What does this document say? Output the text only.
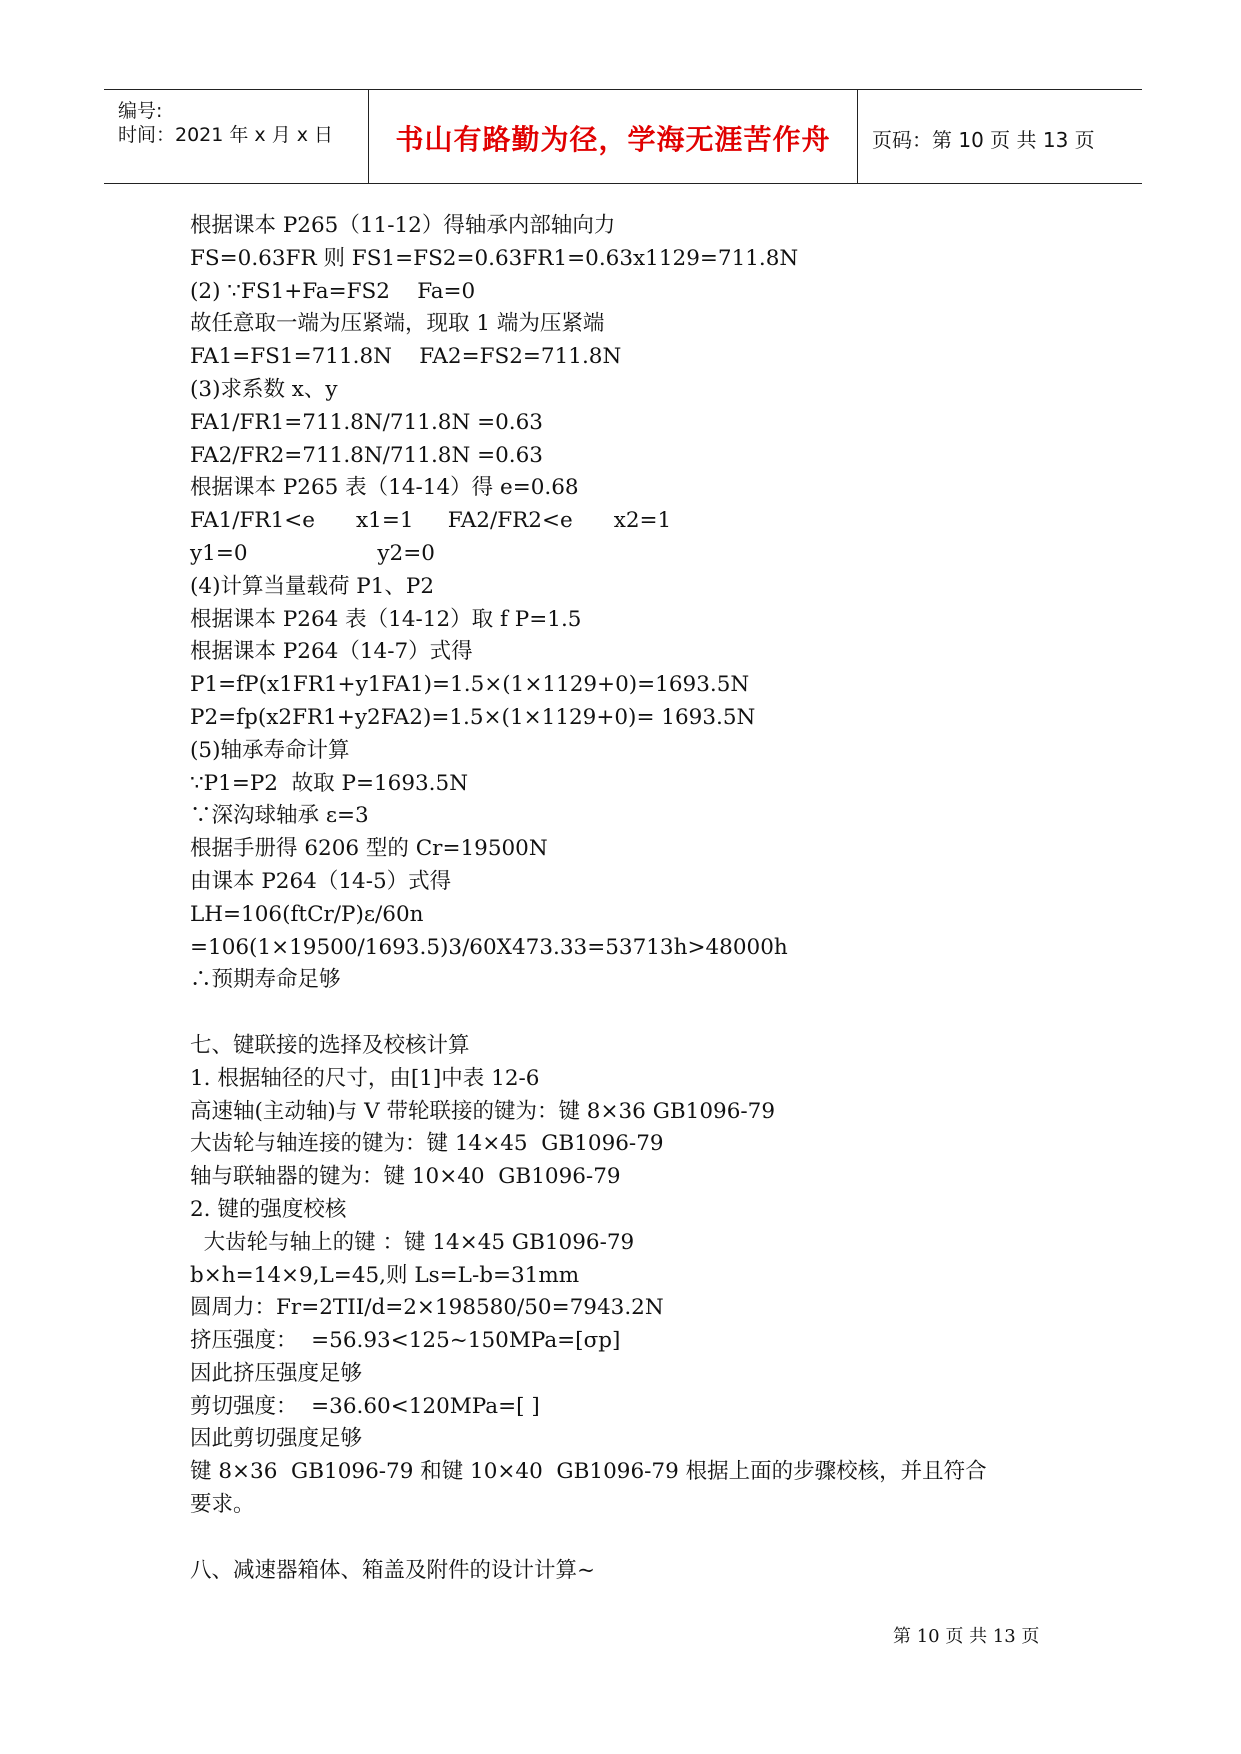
编号:
时间：2021 年 x 月 x 日	书山有路勤为径，学海无涯苦作舟	页码：第 10 页 共 13 页
根据课本 P265（11-12）得轴承内部轴向力
FS=0.63FR 则 FS1=FS2=0.63FR1=0.63x1129=711.8N
(2) ∵FS1+Fa=FS2    Fa=0
故任意取一端为压紧端，现取 1 端为压紧端
FA1=FS1=711.8N    FA2=FS2=711.8N
(3)求系数 x、y
FA1/FR1=711.8N/711.8N =0.63
FA2/FR2=711.8N/711.8N =0.63
根据课本 P265 表（14-14）得 e=0.68
FA1/FR1<e      x1=1     FA2/FR2<e      x2=1
y1=0                   y2=0
(4)计算当量载荷 P1、P2
根据课本 P264 表（14-12）取 f P=1.5
根据课本 P264（14-7）式得
P1=fP(x1FR1+y1FA1)=1.5×(1×1129+0)=1693.5N
P2=fp(x2FR1+y2FA2)=1.5×(1×1129+0)= 1693.5N
(5)轴承寿命计算
∵P1=P2  故取 P=1693.5N
∵深沟球轴承 ε=3
根据手册得 6206 型的 Cr=19500N
由课本 P264（14-5）式得
LH=106(ftCr/P)ε/60n
=106(1×19500/1693.5)3/60X473.33=53713h>48000h
∴预期寿命足够
七、键联接的选择及校核计算
1. 根据轴径的尺寸，由[1]中表 12-6
高速轴(主动轴)与 V 带轮联接的键为：键 8×36 GB1096-79
大齿轮与轴连接的键为：键 14×45  GB1096-79
轴与联轴器的键为：键 10×40  GB1096-79
2. 键的强度校核
大齿轮与轴上的键 ：键 14×45 GB1096-79
b×h=14×9,L=45,则 Ls=L-b=31mm
圆周力：Fr=2TII/d=2×198580/50=7943.2N
挤压强度：  =56.93<125~150MPa=[σp]
因此挤压强度足够
剪切强度：  =36.60<120MPa=[ ]
因此剪切强度足够
键 8×36  GB1096-79 和键 10×40  GB1096-79 根据上面的步骤校核，并且符合
要求。
八、减速器箱体、箱盖及附件的设计计算~
第 10 页 共 13 页
